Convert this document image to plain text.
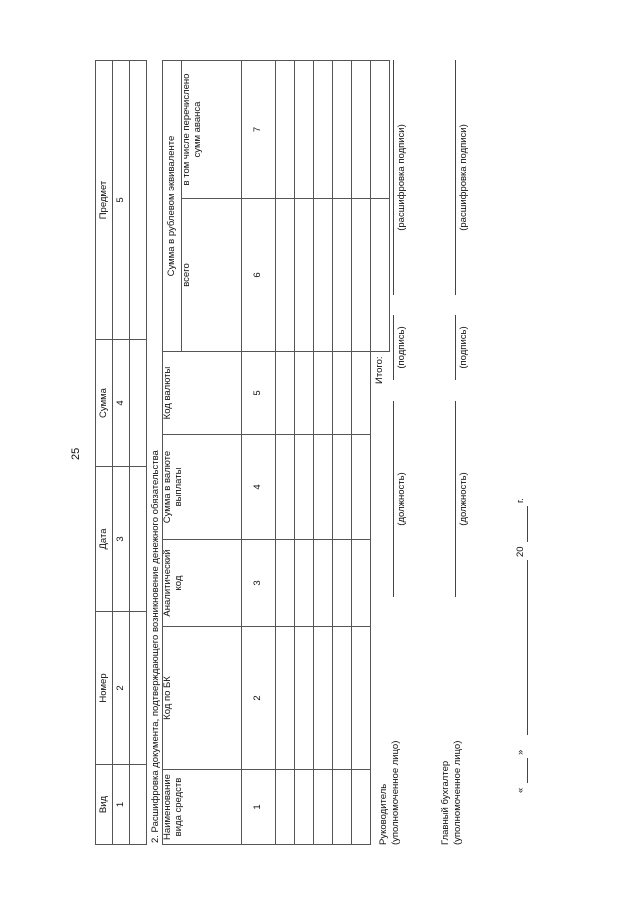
25
Вид	Номер	Дата	Сумма	Предмет
1	2	3	4	5

2. Расшифровка документа, подтверждающего возникновение денежного обязательства Наименование вида средств	Код по БК	Аналитический код	Сумма в валюте выплаты	Код валюты	Сумма в рублевом эквиваленте	
					всего	в том числе перечислено сумм аванса
1	2	3	4	5	6	7

Итого:
Руководитель (уполномоченное лицо)
(должность)
(подпись)
(расшифровка подписи)
Главный бухгалтер (уполномоченное лицо)
(должность)
(подпись)
(расшифровка подписи)
«
»
20
г.
